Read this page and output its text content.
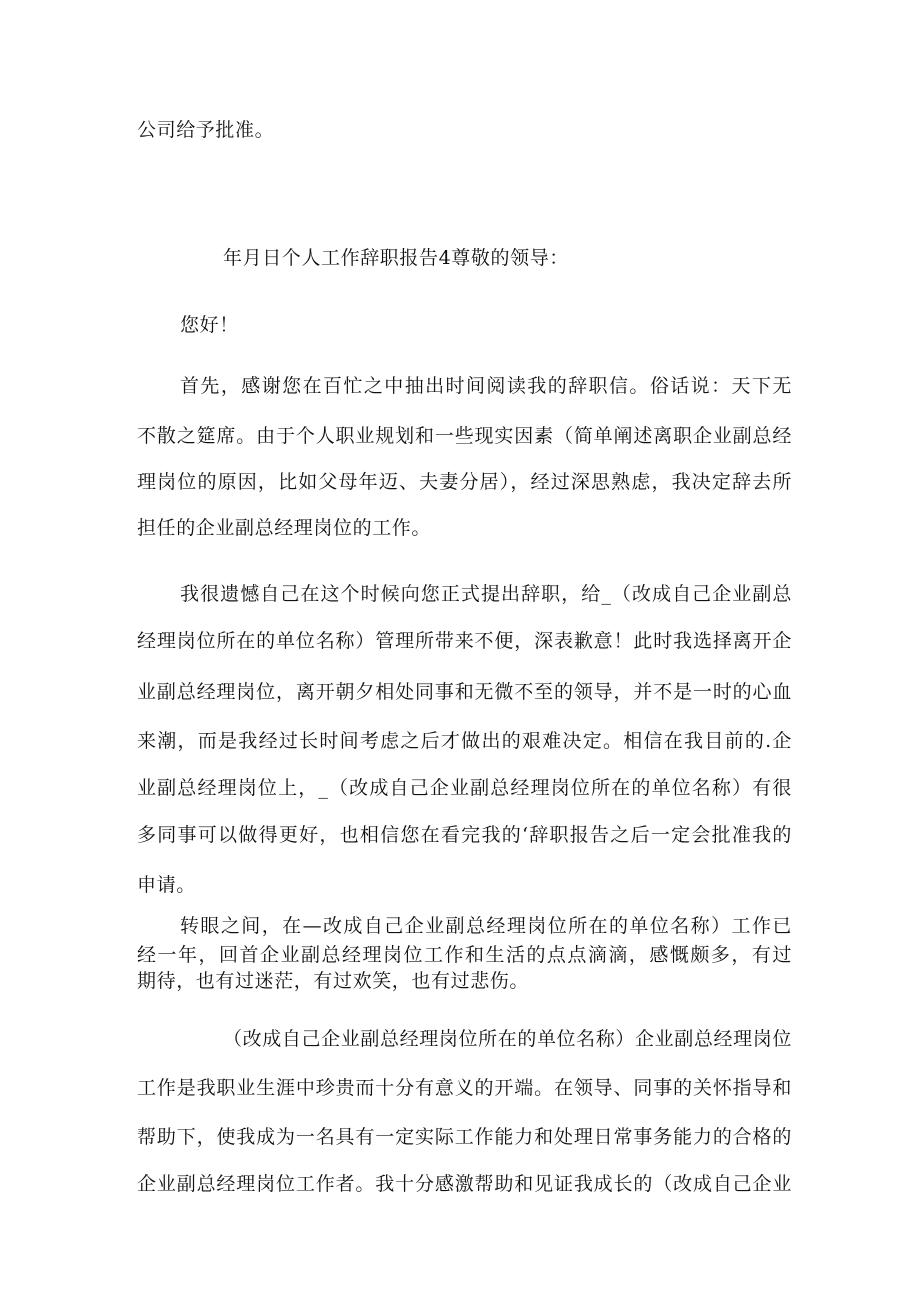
公司给予批准。
年月日个人工作辞职报告4尊敬的领导：
您好！
首先，感谢您在百忙之中抽出时间阅读我的辞职信。俗话说：天下无
不散之筵席。由于个人职业规划和一些现实因素（简单阐述离职企业副总经
理岗位的原因，比如父母年迈、夫妻分居），经过深思熟虑，我决定辞去所
担任的企业副总经理岗位的工作。
我很遗憾自己在这个时候向您正式提出辞职，给_（改成自己企业副总
经理岗位所在的单位名称）管理所带来不便，深表歉意！此时我选择离开企
业副总经理岗位，离开朝夕相处同事和无微不至的领导，并不是一时的心血
来潮，而是我经过长时间考虑之后才做出的艰难决定。相信在我目前的.企
业副总经理岗位上，_（改成自己企业副总经理岗位所在的单位名称）有很
多同事可以做得更好，也相信您在看完我的‘辞职报告之后一定会批准我的
申请。
转眼之间，在—改成自己企业副总经理岗位所在的单位名称）工作已
经一年，回首企业副总经理岗位工作和生活的点点滴滴，感慨颇多，有过
期待，也有过迷茫，有过欢笑，也有过悲伤。
（改成自己企业副总经理岗位所在的单位名称）企业副总经理岗位
工作是我职业生涯中珍贵而十分有意义的开端。在领导、同事的关怀指导和
帮助下，使我成为一名具有一定实际工作能力和处理日常事务能力的合格的
企业副总经理岗位工作者。我十分感激帮助和见证我成长的（改成自己企业
